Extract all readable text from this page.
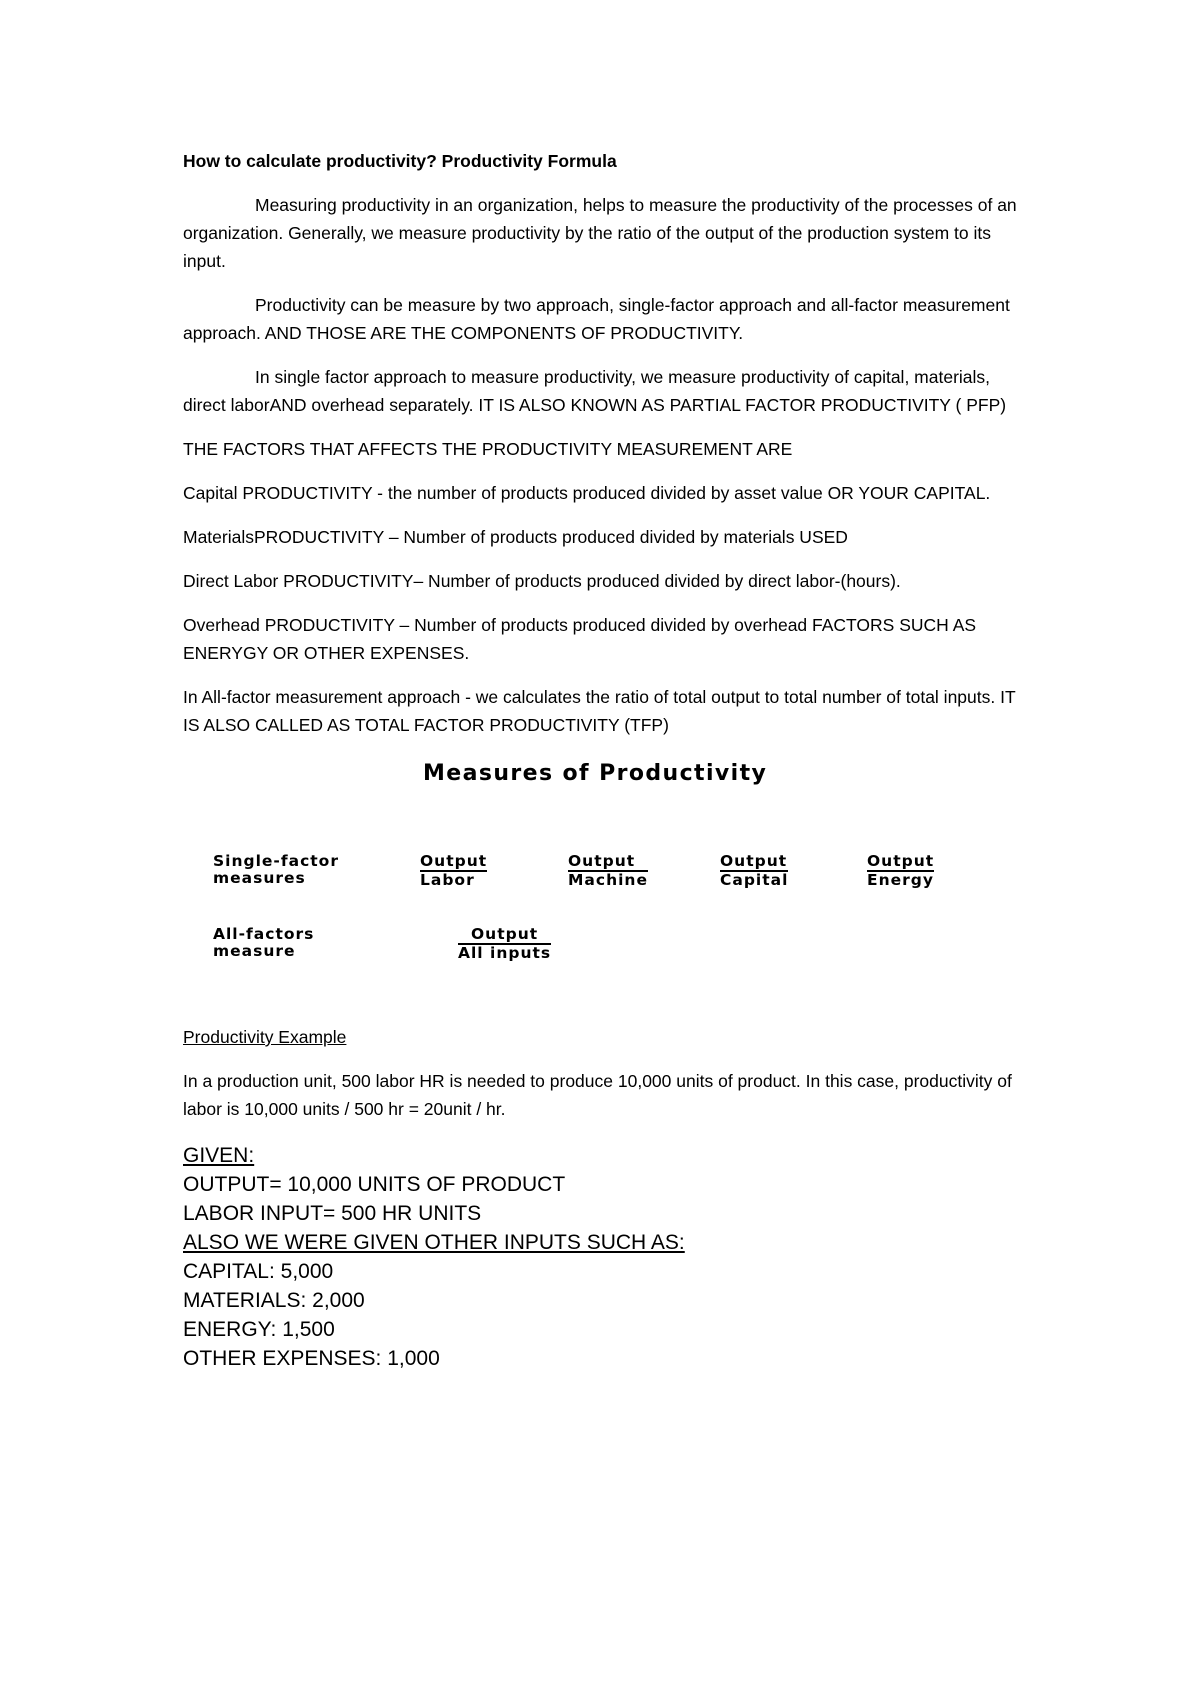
How to calculate productivity? Productivity Formula

Measuring productivity in an organization, helps to measure the productivity of the processes of an organization. Generally, we measure productivity by the ratio of the output of the production system to its input.

Productivity can be measure by two approach, single-factor approach and all-factor measurement approach. AND THOSE ARE THE COMPONENTS OF PRODUCTIVITY.

In single factor approach to measure productivity, we measure productivity of capital, materials, direct laborAND overhead separately. IT IS ALSO KNOWN AS PARTIAL FACTOR PRODUCTIVITY ( PFP)

THE FACTORS THAT AFFECTS THE PRODUCTIVITY MEASUREMENT ARE

Capital PRODUCTIVITY - the number of products produced divided by asset value OR YOUR CAPITAL.

MaterialsPRODUCTIVITY – Number of products produced divided by materials USED

Direct Labor PRODUCTIVITY– Number of products produced divided by direct labor-(hours).

Overhead PRODUCTIVITY – Number of products produced divided by overhead FACTORS SUCH AS ENERYGY OR OTHER EXPENSES.

In All-factor measurement approach - we calculates the ratio of total output to total number of total inputs. IT IS ALSO CALLED AS TOTAL FACTOR PRODUCTIVITY (TFP)

Measures of Productivity
Single-factor
measures
Output
Labor
Output
Machine
Output
Capital
Output
Energy
All-factors
measure
Output
All inputs

Productivity Example

In a production unit, 500 labor HR is needed to produce 10,000 units of product. In this case, productivity of labor is 10,000 units / 500 hr = 20unit / hr.

GIVEN:

OUTPUT= 10,000 UNITS OF PRODUCT

LABOR INPUT= 500 HR UNITS

ALSO WE WERE GIVEN OTHER INPUTS SUCH AS:

CAPITAL: 5,000

MATERIALS: 2,000

ENERGY: 1,500

OTHER EXPENSES: 1,000
